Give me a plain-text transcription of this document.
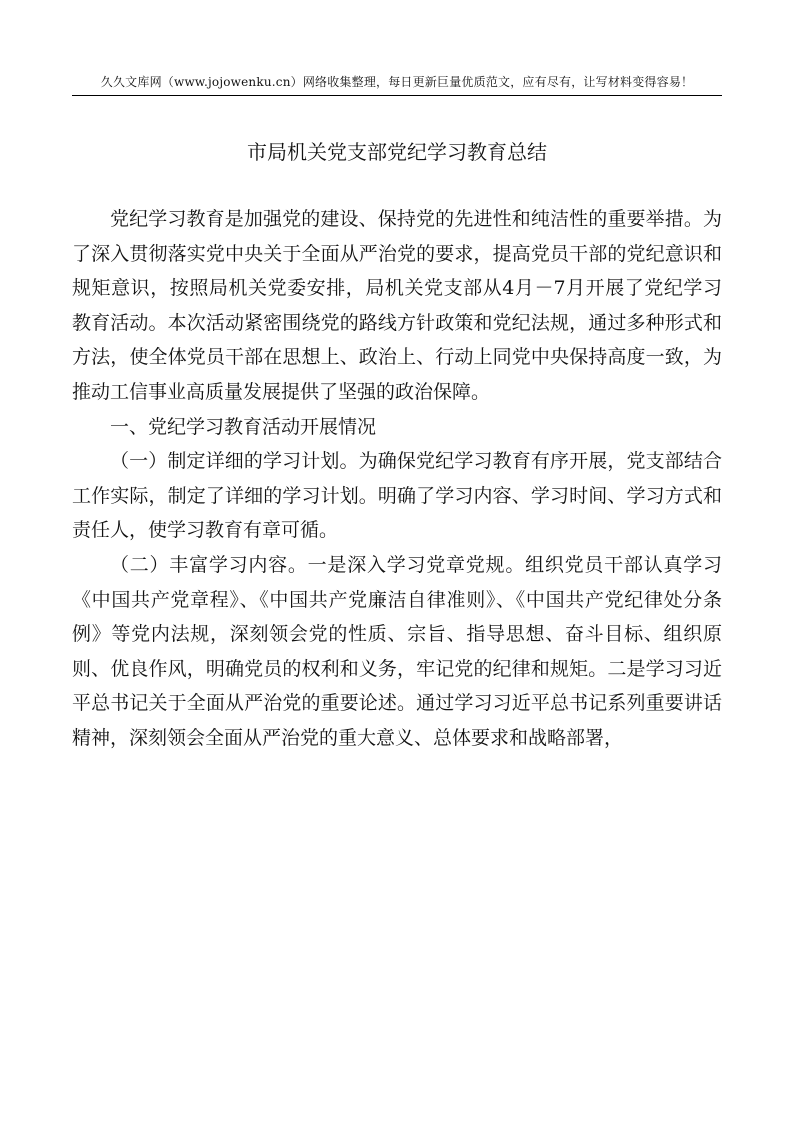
久久文库网（www.jojowenku.cn）网络收集整理，每日更新巨量优质范文，应有尽有，让写材料变得容易！
市局机关党支部党纪学习教育总结

党纪学习教育是加强党的建设、保持党的先进性和纯洁性的重要举措。为了深入贯彻落实党中央关于全面从严治党的要求，提高党员干部的党纪意识和规矩意识，按照局机关党委安排，局机关党支部从4月－7月开展了党纪学习教育活动。本次活动紧密围绕党的路线方针政策和党纪法规，通过多种形式和方法，使全体党员干部在思想上、政治上、行动上同党中央保持高度一致，为推动工信事业高质量发展提供了坚强的政治保障。

一、党纪学习教育活动开展情况

（一）制定详细的学习计划。为确保党纪学习教育有序开展，党支部结合工作实际，制定了详细的学习计划。明确了学习内容、学习时间、学习方式和责任人，使学习教育有章可循。

（二）丰富学习内容。一是深入学习党章党规。组织党员干部认真学习《中国共产党章程》、《中国共产党廉洁自律准则》、《中国共产党纪律处分条例》等党内法规，深刻领会党的性质、宗旨、指导思想、奋斗目标、组织原则、优良作风，明确党员的权利和义务，牢记党的纪律和规矩。二是学习习近平总书记关于全面从严治党的重要论述。通过学习习近平总书记系列重要讲话精神，深刻领会全面从严治党的重大意义、总体要求和战略部署，
